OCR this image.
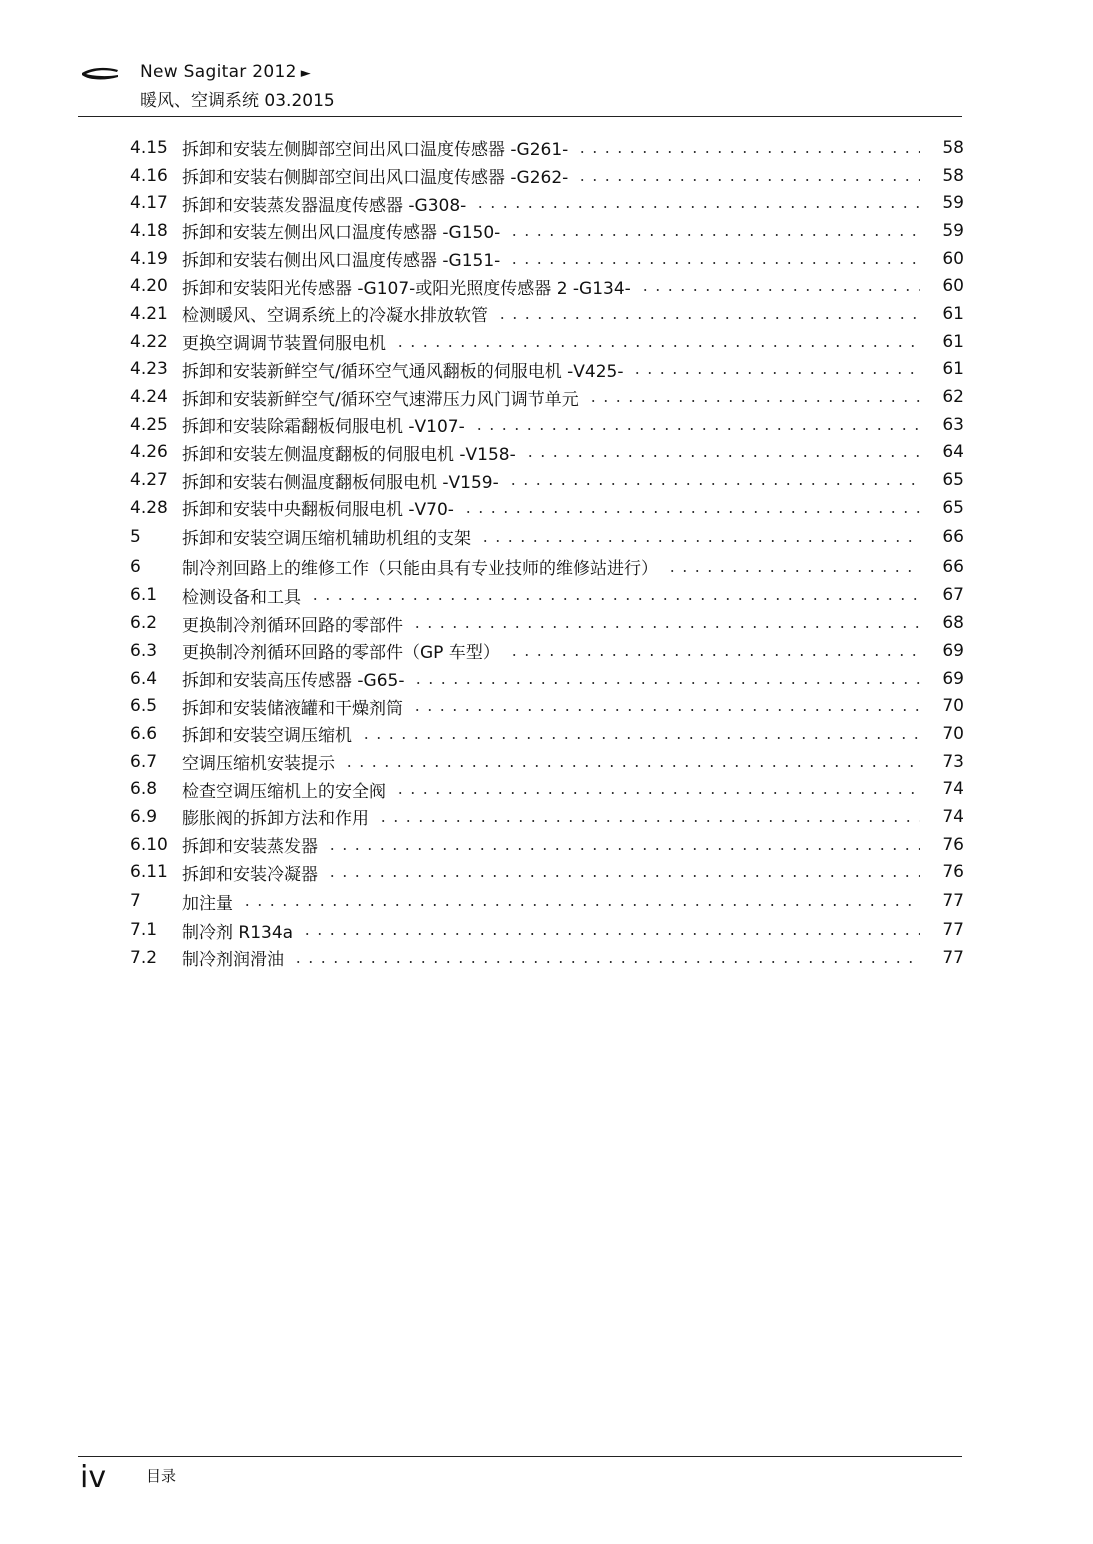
New Sagitar 2012 ►
暖风、空调系统 03.2015
4.15 拆卸和安装左侧脚部空间出风口温度传感器 -G261-	58
4.16 拆卸和安装右侧脚部空间出风口温度传感器 -G262-	58
4.17 拆卸和安装蒸发器温度传感器 -G308-	59
4.18 拆卸和安装左侧出风口温度传感器 -G150-	59
4.19 拆卸和安装右侧出风口温度传感器 -G151-	60
4.20 拆卸和安装阳光传感器 -G107-或阳光照度传感器 2 -G134-	60
4.21 检测暖风、空调系统上的冷凝水排放软管	61
4.22 更换空调调节装置伺服电机	61
4.23 拆卸和安装新鲜空气/循环空气通风翻板的伺服电机 -V425-	61
4.24 拆卸和安装新鲜空气/循环空气速滞压力风门调节单元	62
4.25 拆卸和安装除霜翻板伺服电机 -V107-	63
4.26 拆卸和安装左侧温度翻板的伺服电机 -V158-	64
4.27 拆卸和安装右侧温度翻板伺服电机 -V159-	65
4.28 拆卸和安装中央翻板伺服电机 -V70-	65
5	拆卸和安装空调压缩机辅助机组的支架	66
6	制冷剂回路上的维修工作（只能由具有专业技师的维修站进行）	66
6.1	检测设备和工具	67
6.2	更换制冷剂循环回路的零部件	68
6.3	更换制冷剂循环回路的零部件（GP 车型）	69
6.4	拆卸和安装高压传感器 -G65-	69
6.5	拆卸和安装储液罐和干燥剂筒	70
6.6	拆卸和安装空调压缩机	70
6.7	空调压缩机安装提示	73
6.8	检查空调压缩机上的安全阀	74
6.9	膨胀阀的拆卸方法和作用	74
6.10 拆卸和安装蒸发器	76
6.11 拆卸和安装冷凝器	76
7	加注量	77
7.1	制冷剂 R134a	77
7.2	制冷剂润滑油	77
iv	目录
